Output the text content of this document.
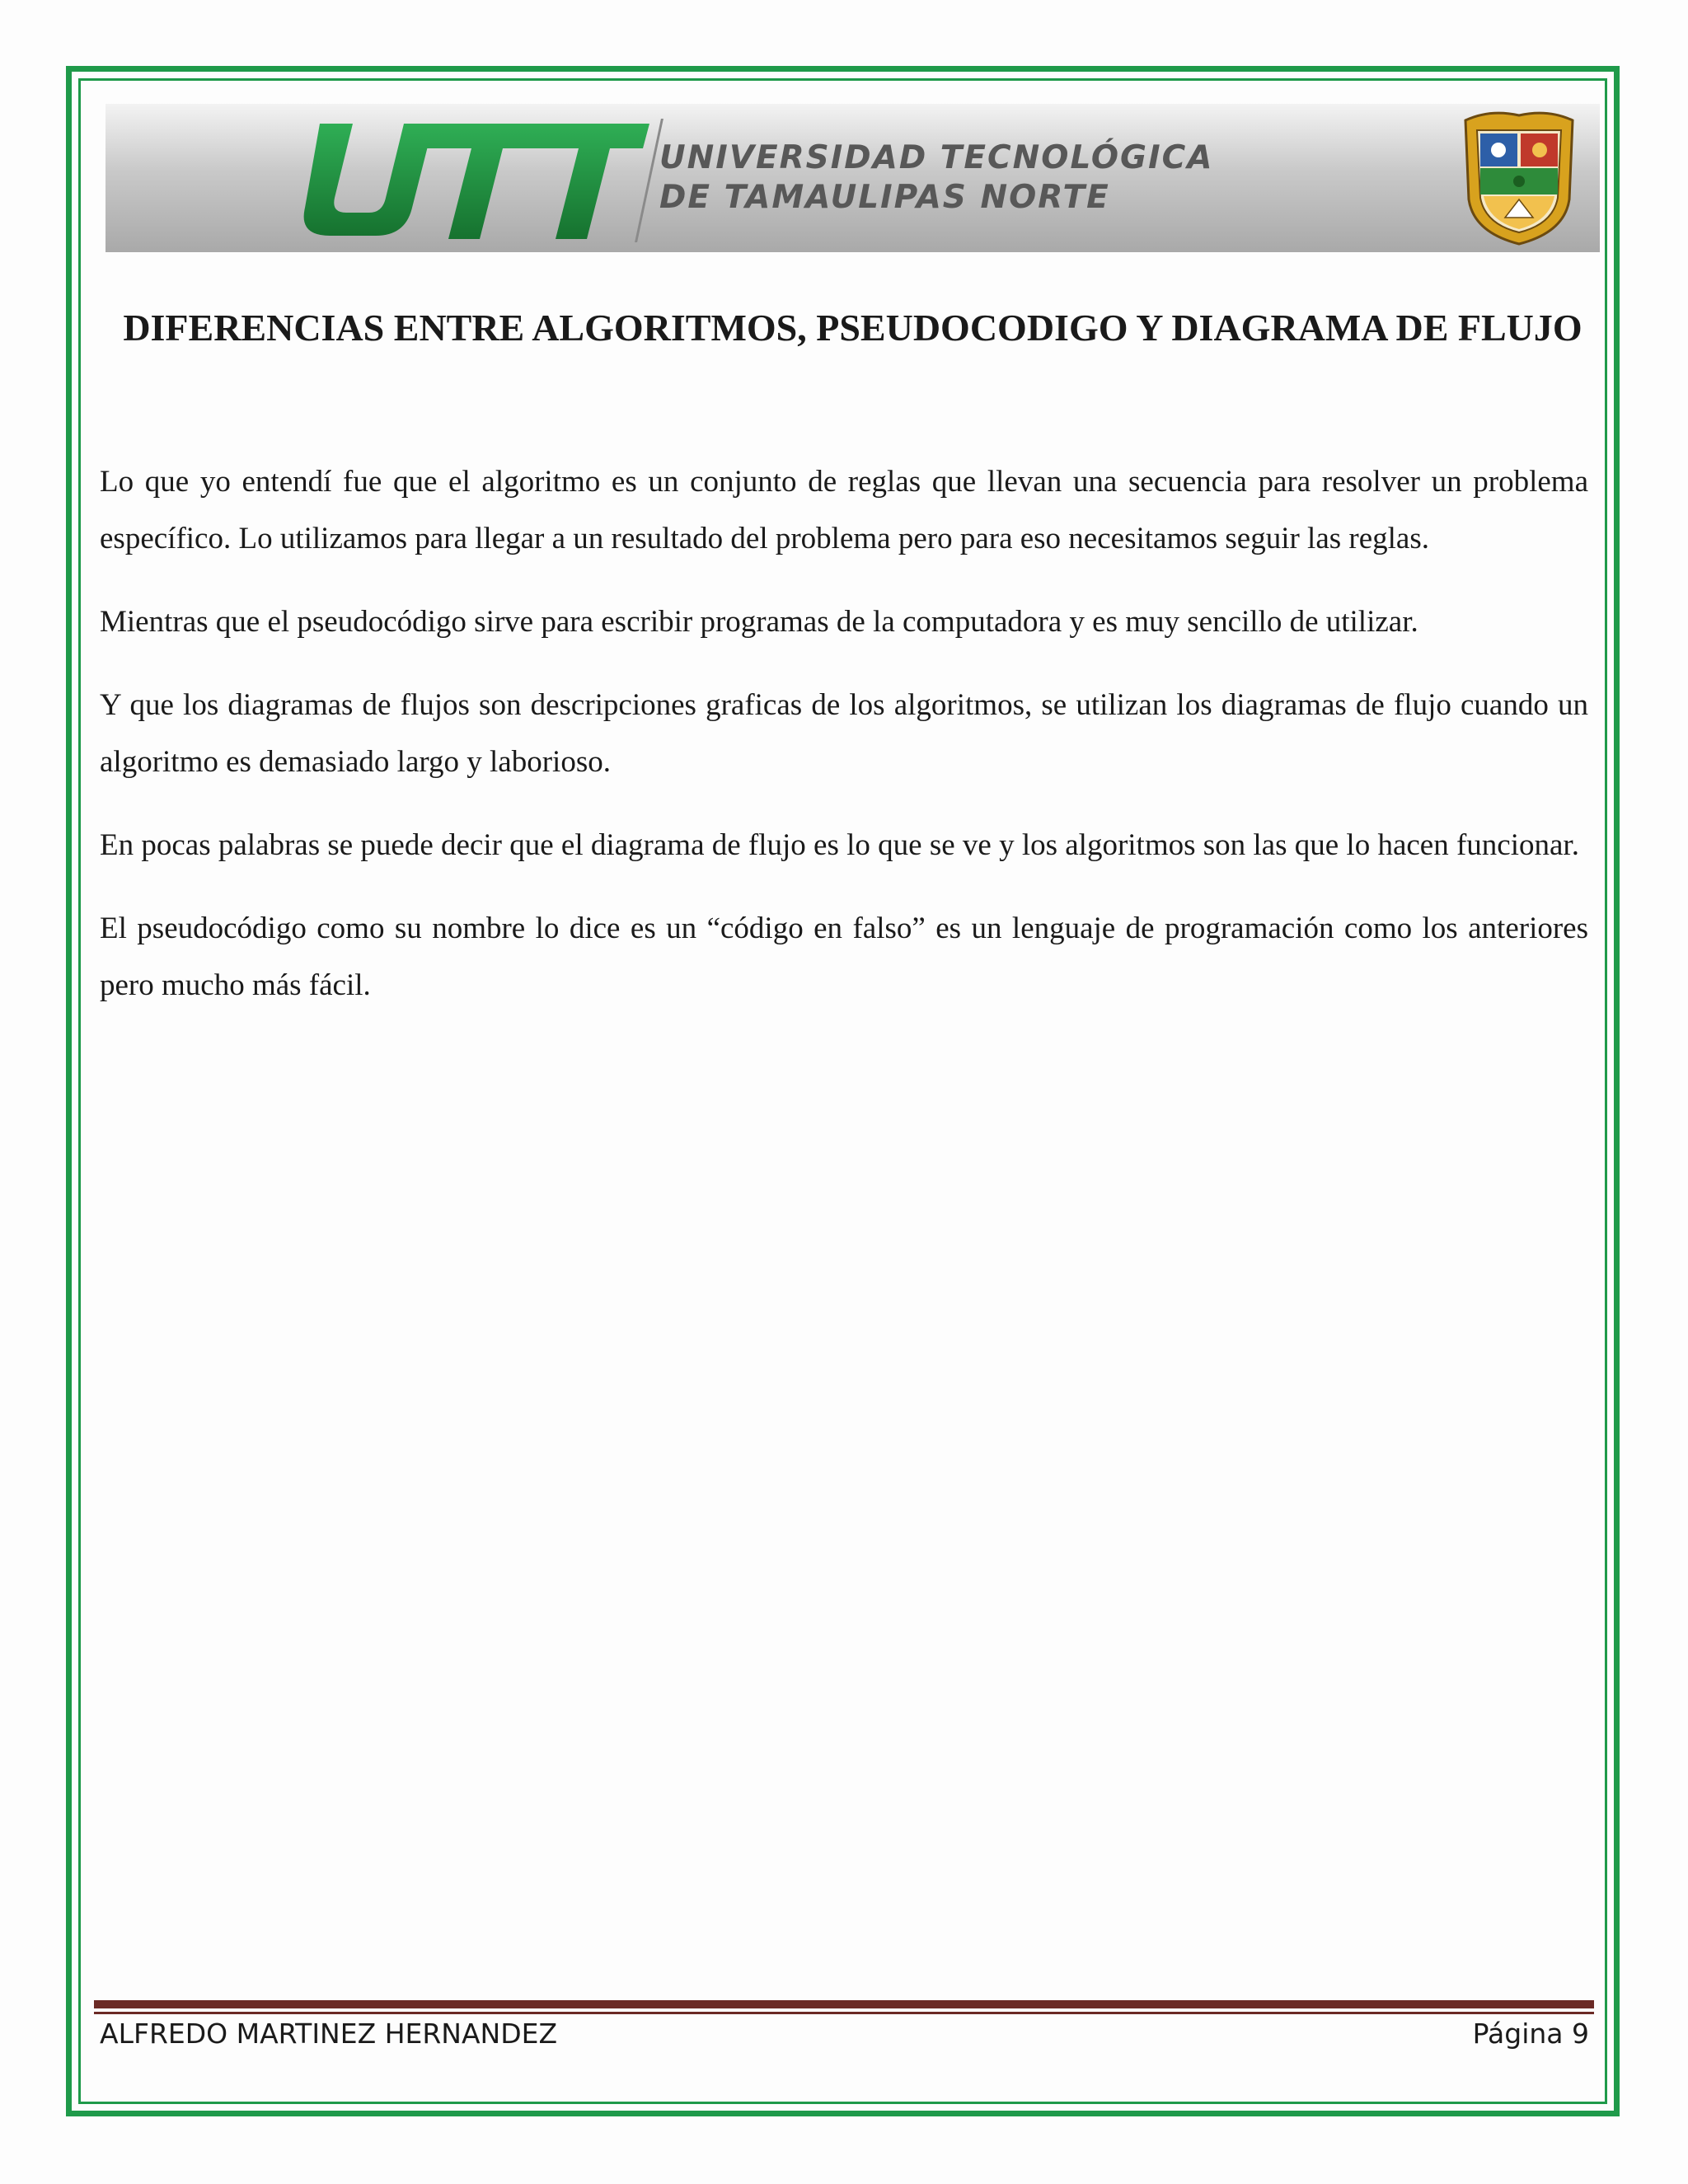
UNIVERSIDAD TECNOLÓGICA
DE TAMAULIPAS NORTE
DIFERENCIAS ENTRE ALGORITMOS, PSEUDOCODIGO Y DIAGRAMA DE FLUJO

Lo que yo entendí fue que el algoritmo es un conjunto de reglas que llevan una secuencia para resolver un problema específico. Lo utilizamos para llegar a un resultado del problema pero para eso necesitamos seguir las reglas.

Mientras que el pseudocódigo sirve para escribir programas de la computadora y es muy sencillo de utilizar.

Y que los diagramas de flujos son descripciones graficas de los algoritmos, se utilizan los diagramas de flujo cuando un algoritmo es demasiado largo y laborioso.

En pocas palabras se puede decir que el diagrama de flujo es lo que se ve y los algoritmos son las que lo hacen funcionar.

El pseudocódigo como su nombre lo dice es un “código en falso” es un lenguaje de programación como los anteriores pero mucho más fácil.

ALFREDO MARTINEZ HERNANDEZ	Página 9
